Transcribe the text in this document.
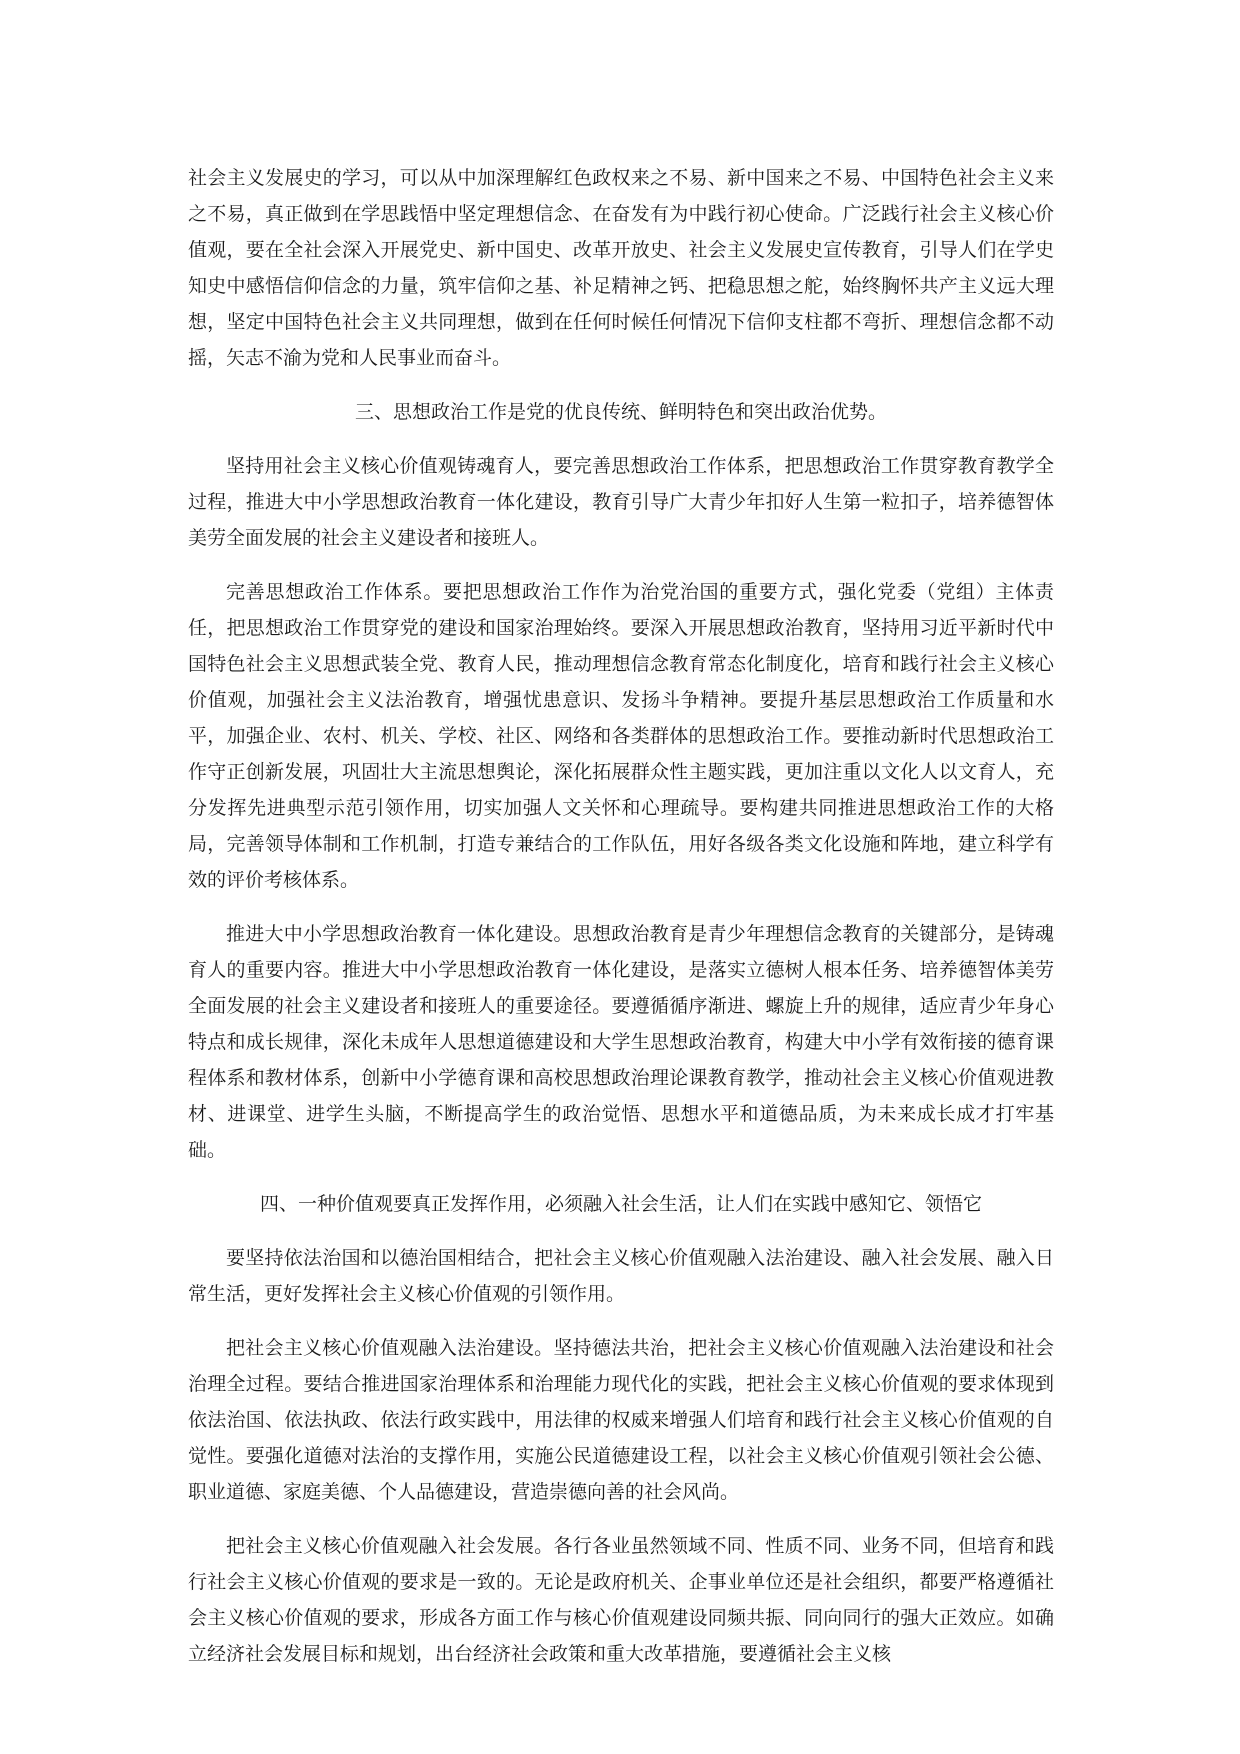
社会主义发展史的学习，可以从中加深理解红色政权来之不易、新中国来之不易、中国特色社会主义来之不易，真正做到在学思践悟中坚定理想信念、在奋发有为中践行初心使命。广泛践行社会主义核心价值观，要在全社会深入开展党史、新中国史、改革开放史、社会主义发展史宣传教育，引导人们在学史知史中感悟信仰信念的力量，筑牢信仰之基、补足精神之钙、把稳思想之舵，始终胸怀共产主义远大理想，坚定中国特色社会主义共同理想，做到在任何时候任何情况下信仰支柱都不弯折、理想信念都不动摇，矢志不渝为党和人民事业而奋斗。

三、思想政治工作是党的优良传统、鲜明特色和突出政治优势。

坚持用社会主义核心价值观铸魂育人，要完善思想政治工作体系，把思想政治工作贯穿教育教学全过程，推进大中小学思想政治教育一体化建设，教育引导广大青少年扣好人生第一粒扣子，培养德智体美劳全面发展的社会主义建设者和接班人。

完善思想政治工作体系。要把思想政治工作作为治党治国的重要方式，强化党委（党组）主体责任，把思想政治工作贯穿党的建设和国家治理始终。要深入开展思想政治教育，坚持用习近平新时代中国特色社会主义思想武装全党、教育人民，推动理想信念教育常态化制度化，培育和践行社会主义核心价值观，加强社会主义法治教育，增强忧患意识、发扬斗争精神。要提升基层思想政治工作质量和水平，加强企业、农村、机关、学校、社区、网络和各类群体的思想政治工作。要推动新时代思想政治工作守正创新发展，巩固壮大主流思想舆论，深化拓展群众性主题实践，更加注重以文化人以文育人，充分发挥先进典型示范引领作用，切实加强人文关怀和心理疏导。要构建共同推进思想政治工作的大格局，完善领导体制和工作机制，打造专兼结合的工作队伍，用好各级各类文化设施和阵地，建立科学有效的评价考核体系。

推进大中小学思想政治教育一体化建设。思想政治教育是青少年理想信念教育的关键部分，是铸魂育人的重要内容。推进大中小学思想政治教育一体化建设，是落实立德树人根本任务、培养德智体美劳全面发展的社会主义建设者和接班人的重要途径。要遵循循序渐进、螺旋上升的规律，适应青少年身心特点和成长规律，深化未成年人思想道德建设和大学生思想政治教育，构建大中小学有效衔接的德育课程体系和教材体系，创新中小学德育课和高校思想政治理论课教育教学，推动社会主义核心价值观进教材、进课堂、进学生头脑，不断提高学生的政治觉悟、思想水平和道德品质，为未来成长成才打牢基础。

四、一种价值观要真正发挥作用，必须融入社会生活，让人们在实践中感知它、领悟它

要坚持依法治国和以德治国相结合，把社会主义核心价值观融入法治建设、融入社会发展、融入日常生活，更好发挥社会主义核心价值观的引领作用。

把社会主义核心价值观融入法治建设。坚持德法共治，把社会主义核心价值观融入法治建设和社会治理全过程。要结合推进国家治理体系和治理能力现代化的实践，把社会主义核心价值观的要求体现到依法治国、依法执政、依法行政实践中，用法律的权威来增强人们培育和践行社会主义核心价值观的自觉性。要强化道德对法治的支撑作用，实施公民道德建设工程，以社会主义核心价值观引领社会公德、职业道德、家庭美德、个人品德建设，营造崇德向善的社会风尚。

把社会主义核心价值观融入社会发展。各行各业虽然领域不同、性质不同、业务不同，但培育和践行社会主义核心价值观的要求是一致的。无论是政府机关、企事业单位还是社会组织，都要严格遵循社会主义核心价值观的要求，形成各方面工作与核心价值观建设同频共振、同向同行的强大正效应。如确立经济社会发展目标和规划，出台经济社会政策和重大改革措施，要遵循社会主义核
